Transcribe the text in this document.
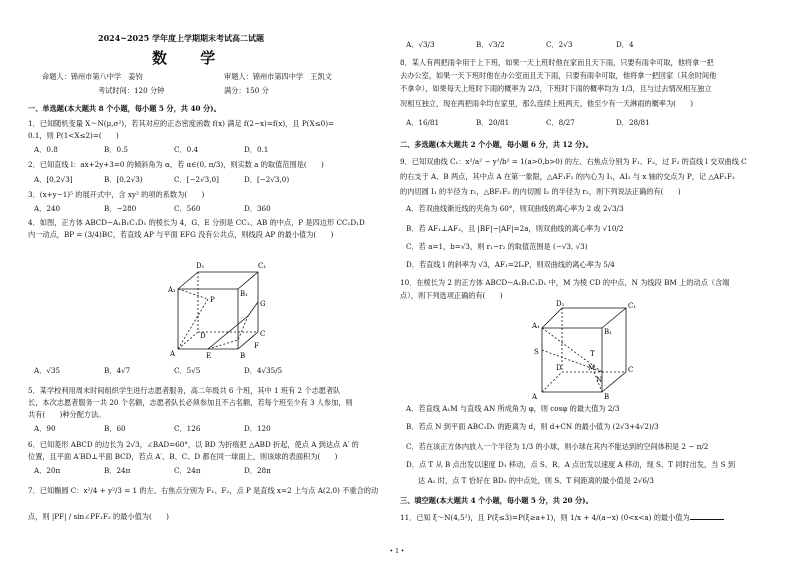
2024~2025 学年度上学期期末考试高二试题
数 学
命题人：锦州市第八中学　姜钧	审题人：锦州市第四中学　王凯文
考试时间：120 分钟	满分：150 分
一、单选题(本大题共 8 个小题，每小题 5 分，共 40 分)。
1．已知随机变量 X～N(μ,σ²)，若其对应的正态密度函数 f(x) 满足 f(2−x)=f(x)，且 P(X≤0)=
0.1，则 P(1<X≤2)=(　　)
A．0.8	B．0.5	C．0.4	D．0.1
2．已知直线 l：ax+2y+3=0 的倾斜角为 α，若 α∈(0, π/3)，则实数 a 的取值范围是(　　)
A．[0,2√3]	B．[0,2√3)	C．[−2√3,0]	D．[−2√3,0)
3．(x+y−1)⁵ 的展开式中，含 xy² 的项的系数为(　　)
A．240	B．−280	C．560	D．360
4．如图，正方体 ABCD−A₁B₁C₁D₁ 的棱长为 4，G、E 分别是 CC₁、AB 的中点，P 是四边形 CC₁D₁D
内一动点，BP = (3/4)BC，若直线 AP 与平面 EFG 没有公共点，则线段 AP 的最小值为(　　)
D₁	C₁
A₁	B₁
P	G
D	C
A	E	B
F
A．√35	B．4√7	C．5√5	D．4√35/5
5．某学校利用周末时间组织学生进行志愿者服务，高二年级共 6 个班，其中 1 班有 2 个志愿者队
长，本次志愿者服务一共 20 个名额，志愿者队长必须参加且不占名额，若每个班至少有 3 人参加，则
共有(　　)种分配方法。
A．90	B．60	C．126	D．120
6．已知菱形 ABCD 的边长为 2√3，∠BAD=60°，以 BD 为折痕把 △ABD 折起，使点 A 到达点 A′ 的
位置，且平面 A′BD⊥平面 BCD，若点 A′、B、C、D 都在同一球面上，则该球的表面积为(　　)
A．20π	B．24π	C．24π	D．28π
7．已知椭圆 C：x²/4 + y²/3 = 1 的左、右焦点分别为 F₁、F₂，点 P 是直线 x=2 上与点 A(2,0) 不重合的动
点，则 |PF| / sin∠PF₁F₂ 的最小值为(　　)
A．√3/3	B．√3/2	C．2√3	D．4
8．某人有两把雨伞用于上下班，如果一天上班时他在家而且天下雨，只要有雨伞可取，他将拿一把
去办公室，如果一天下班时他在办公室而且天下雨，只要有雨伞可取，他将拿一把回家（其余时间他
不拿伞），如果每天上班时下雨的概率为 2/3，下班时下雨的概率均为 1/3，且与过去情况相互独立
况相互独立，现在两把雨伞均在家里，那么连续上班两天，他至少有一天淋雨的概率为(　　)
A．16/81	B．20/81	C．8/27	D．28/81
二、多选题(本大题共 2 个小题，每小题 6 分，共 12 分)。
9．已知双曲线 C₁：x²/a² − y²/b² = 1(a>0,b>0) 的左、右焦点分别为 F₁、F₂，过 F₂ 的直线 l 交双曲线 C
的右支于 A、B 两点，其中点 A 在第一象限，△AF₁F₂ 的内心为 I₁，AI₁ 与 x 轴的交点为 P，记 △AF₁F₂
的内切圆 I₁ 的半径为 r₁，△BF₁F₂ 的内切圆 I₂ 的半径为 r₂，则下列说法正确的有(　　)
A．若双曲线渐近线的夹角为 60°，则双曲线的离心率为 2 或 2√3/3
B．若 AF₁⊥AF₂，且 |BF|−|AF|=2a，则双曲线的离心率为 √10/2
C．若 a=1，b=√3，则 r₁−r₂ 的取值范围是 (−√3, √3)
D．若直线 l 的斜率为 √3，AF₁=2IₓP，则双曲线的离心率为 5/4
10．在棱长为 2 的正方体 ABCD−A₁B₁C₁D₁ 中，M 为棱 CD 的中点，N 为线段 BM 上的动点（含端
点），则下列选项正确的有(　　)
D₁	C₁
A₁
B₁
S	T
D	M	C
N
A	B
A．若直线 A₁M 与直线 AN 所成角为 φ，则 cosφ 的最大值为 2/3
B．若点 N 到平面 ABC₁D₁ 的距离为 d，则 d+CN 的最小值为 (2√3+4√2)/3
C．若在该正方体内放入一个半径为 1/3 的小球，则小球在其内不能达到的空间体积是 2 − π/2
D．点 T 从 B 点出发以速度 D₁ 移动，点 S、R、A 点出发以速度 A 移动，现 S、T 同时出发，当 S 到
达 A₁ 时，点 T 恰好在 BD₁ 的中点处，则 S、T 间距离的最小值是 2√6/3
三、填空题(本大题共 4 个小题，每小题 5 分，共 20 分)。
11．已知 ξ～N(4,5²)，且 P(ξ≤3)=P(ξ≥a+1)，则 1/x + 4/(a−x) (0<x<a) 的最小值为
• 1 •
